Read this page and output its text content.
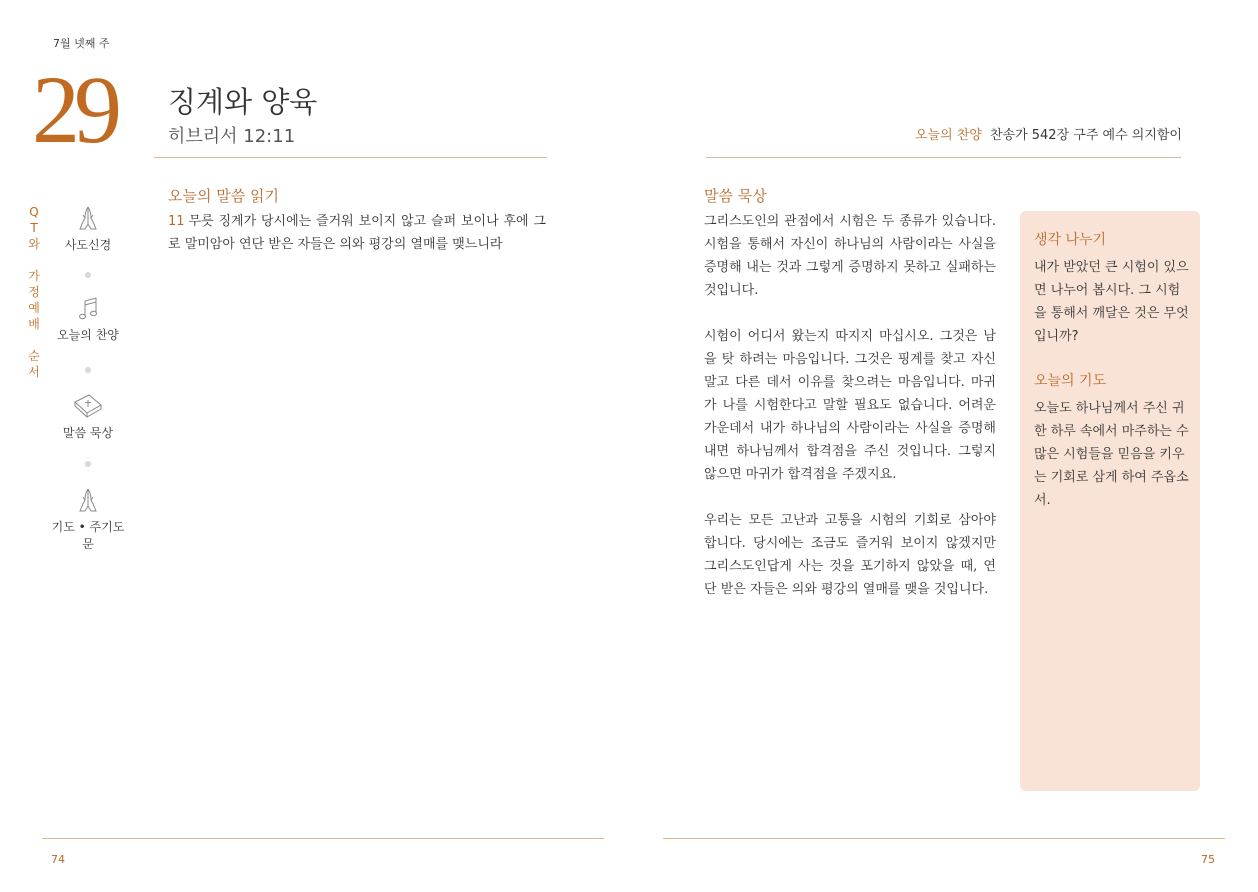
7월 넷째 주
29 징계와 양육
히브리서 12:11	오늘의 찬양 찬송가 542장 구주 예수 의지함이
Q
T
와
가
정
예
배
순
서
사도신경
오늘의 찬양
말씀 묵상
기도 • 주기도문
오늘의 말씀 읽기
11 무릇 징계가 당시에는 즐거워 보이지 않고 슬퍼 보이나 후에 그로 말미암아 연단 받은 자들은 의와 평강의 열매를 맺느니라
말씀 묵상

그리스도인의 관점에서 시험은 두 종류가 있습니다. 시험을 통해서 자신이 하나님의 사람이라는 사실을 증명해 내는 것과 그렇게 증명하지 못하고 실패하는 것입니다.

시험이 어디서 왔는지 따지지 마십시오. 그것은 남을 탓 하려는 마음입니다. 그것은 핑계를 찾고 자신 말고 다른 데서 이유를 찾으려는 마음입니다. 마귀가 나를 시험한다고 말할 필요도 없습니다. 어려운 가운데서 내가 하나님의 사람이라는 사실을 증명해내면 하나님께서 합격점을 주신 것입니다. 그렇지 않으면 마귀가 합격점을 주겠지요.

우리는 모든 고난과 고통을 시험의 기회로 삼아야 합니다. 당시에는 조금도 즐거워 보이지 않겠지만 그리스도인답게 사는 것을 포기하지 않았을 때, 연단 받은 자들은 의와 평강의 열매를 맺을 것입니다.

생각 나누기
내가 받았던 큰 시험이 있으면 나누어 봅시다. 그 시험을 통해서 깨달은 것은 무엇입니까?
오늘의 기도
오늘도 하나님께서 주신 귀한 하루 속에서 마주하는 수많은 시험들을 믿음을 키우는 기회로 삼게 하여 주옵소서.
74	75
